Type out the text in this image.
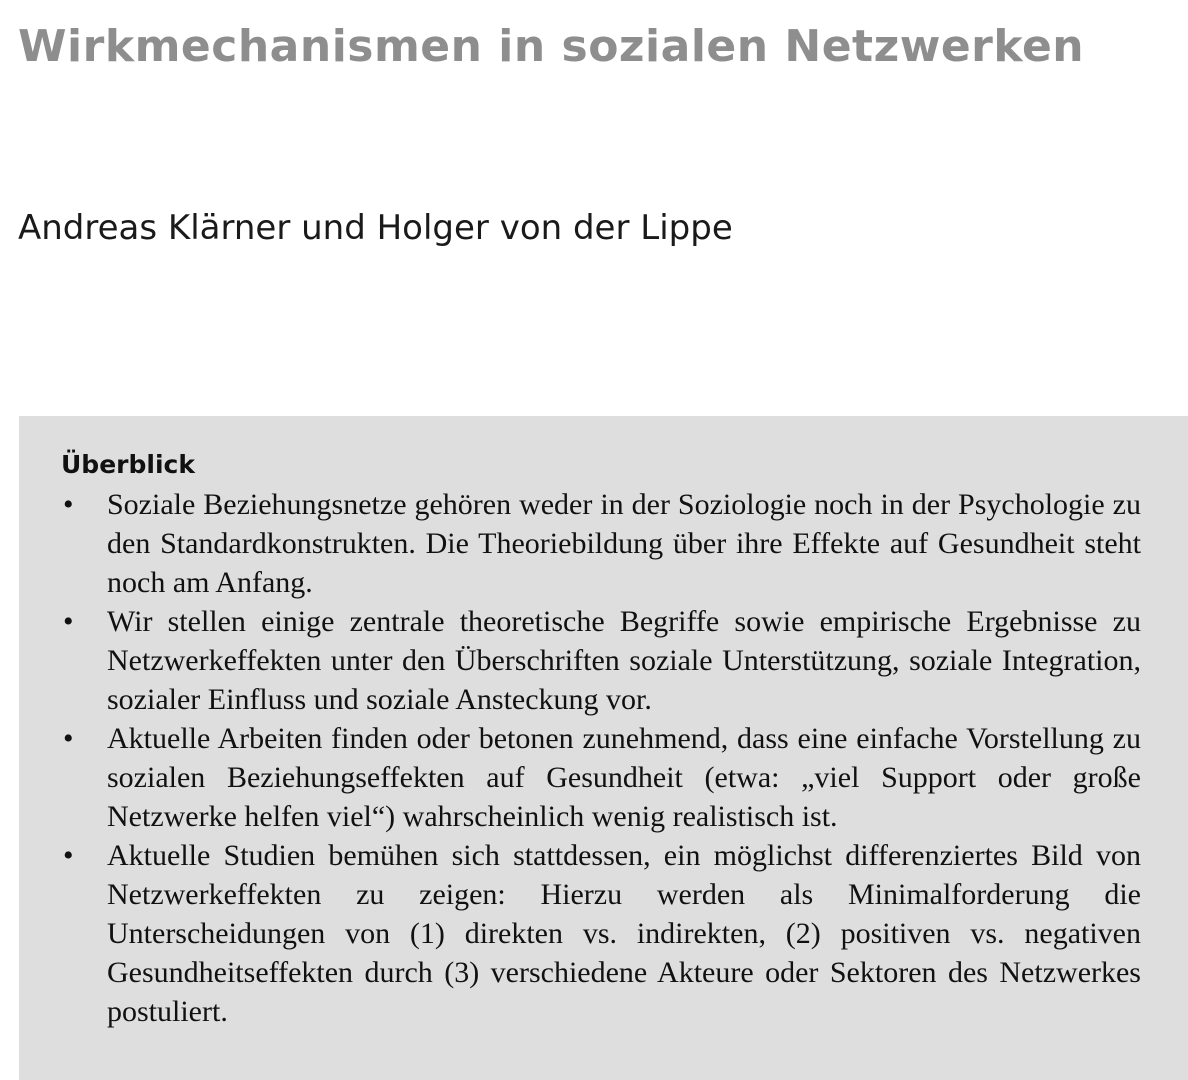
Wirkmechanismen in sozialen Netzwerken
Andreas Klärner und Holger von der Lippe
Überblick
• Soziale Beziehungsnetze gehören weder in der Soziologie noch in der Psychologie zu den Standardkonstrukten. Die Theoriebildung über ihre Effekte auf Gesundheit steht noch am Anfang.
• Wir stellen einige zentrale theoretische Begriffe sowie empirische Ergebnisse zu Netzwerkeffekten unter den Überschriften soziale Unterstützung, soziale Integration, sozialer Einfluss und soziale Ansteckung vor.
• Aktuelle Arbeiten finden oder betonen zunehmend, dass eine einfache Vorstellung zu sozialen Beziehungseffekten auf Gesundheit (etwa: „viel Support oder große Netzwerke helfen viel“) wahrscheinlich wenig realistisch ist.
• Aktuelle Studien bemühen sich stattdessen, ein möglichst differenziertes Bild von Netzwerkeffekten zu zeigen: Hierzu werden als Minimalforderung die Unterscheidungen von (1) direkten vs. indirekten, (2) positiven vs. negativen Gesundheitseffekten durch (3) verschiedene Akteure oder Sektoren des Netzwerkes postuliert.
